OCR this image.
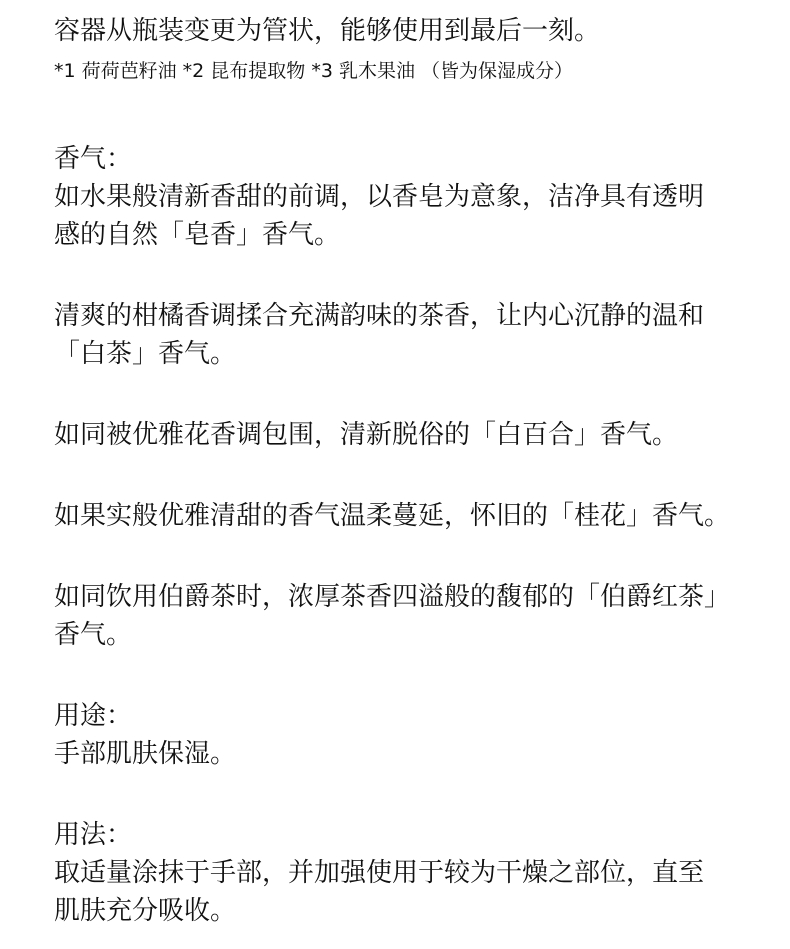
容器从瓶装变更为管状，能够使用到最后一刻。

*1 荷荷芭籽油 *2 昆布提取物 *3 乳木果油 （皆为保湿成分）

香气：

如水果般清新香甜的前调，以香皂为意象，洁净具有透明

感的自然「皂香」香气。

清爽的柑橘香调揉合充满韵味的茶香，让内心沉静的温和

「白茶」香气。

如同被优雅花香调包围，清新脱俗的「白百合」香气。

如果实般优雅清甜的香气温柔蔓延，怀旧的「桂花」香气。

如同饮用伯爵茶时，浓厚茶香四溢般的馥郁的「伯爵红茶」

香气。

用途：

手部肌肤保湿。

用法：

取适量涂抹于手部，并加强使用于较为干燥之部位，直至

肌肤充分吸收。
